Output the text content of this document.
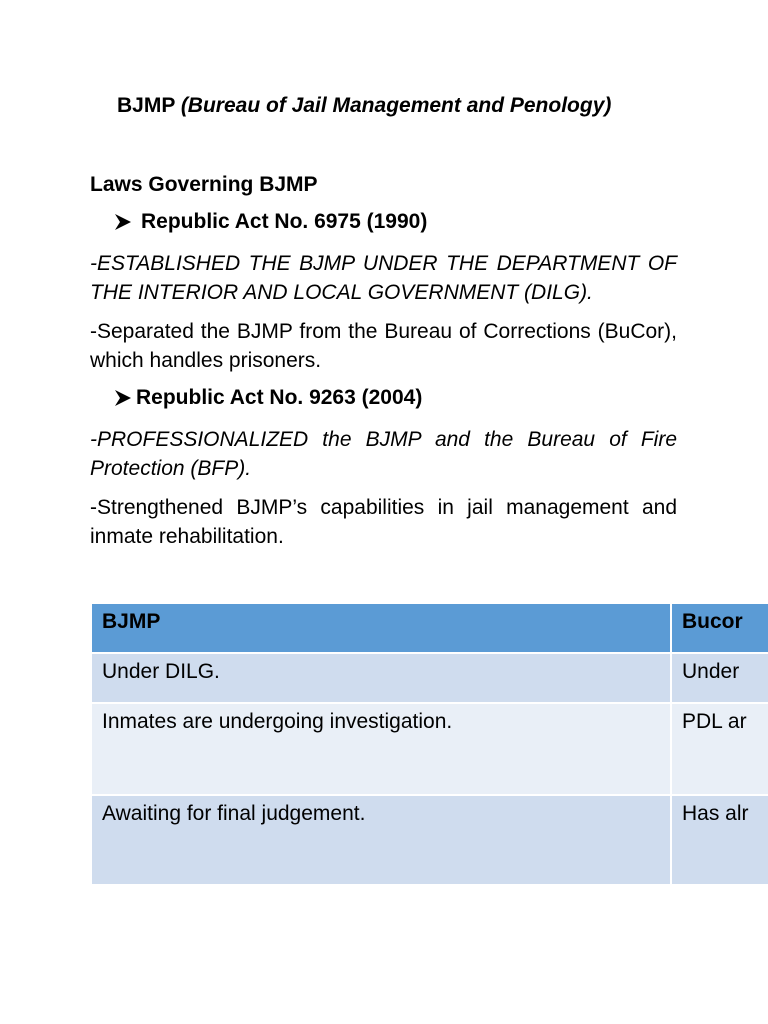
BJMP (Bureau of Jail Management and Penology)
Laws Governing BJMP
Republic Act No. 6975 (1990)
-ESTABLISHED THE BJMP UNDER THE DEPARTMENT OF THE INTERIOR AND LOCAL GOVERNMENT (DILG).
-Separated the BJMP from the Bureau of Corrections (BuCor), which handles prisoners.
Republic Act No. 9263 (2004)
-PROFESSIONALIZED the BJMP and the Bureau of Fire Protection (BFP).
-Strengthened BJMP’s capabilities in jail management and inmate rehabilitation.
BJMP	Bucor
Under DILG.	Under
Inmates are undergoing investigation.	PDL ar
Awaiting for final judgement.	Has alr
